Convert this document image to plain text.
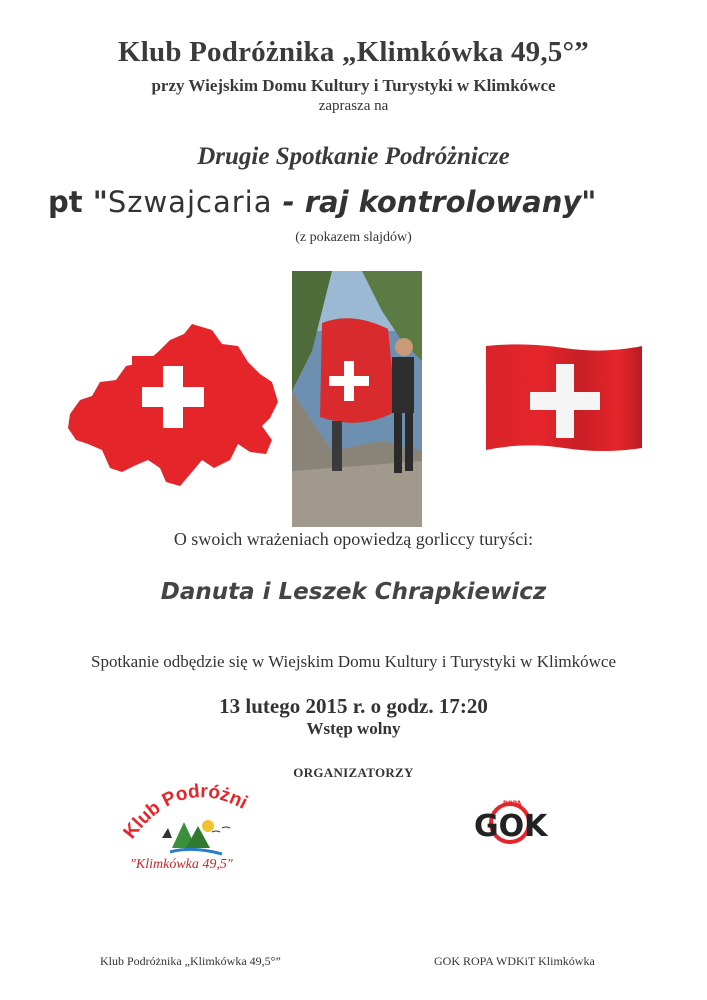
Klub Podróżnika „Klimkówka 49,5°”
przy Wiejskim Domu Kultury i Turystyki w Klimkówce
zaprasza na
Drugie Spotkanie Podróżnicze
pt "Szwajcaria - raj kontrolowany"
(z pokazem slajdów)
O swoich wrażeniach opowiedzą gorliccy turyści:
Danuta i Leszek Chrapkiewicz
Spotkanie odbędzie się w Wiejskim Domu Kultury i Turystyki w Klimkówce
13 lutego 2015 r. o godz. 17:20
Wstęp wolny
ORGANIZATORZY
Klub Podróżni
"Klimkówka 49,5"
GOK
ROPA
Klub Podróżnika „Klimkówka 49,5°”	GOK ROPA WDKiT Klimkówka
